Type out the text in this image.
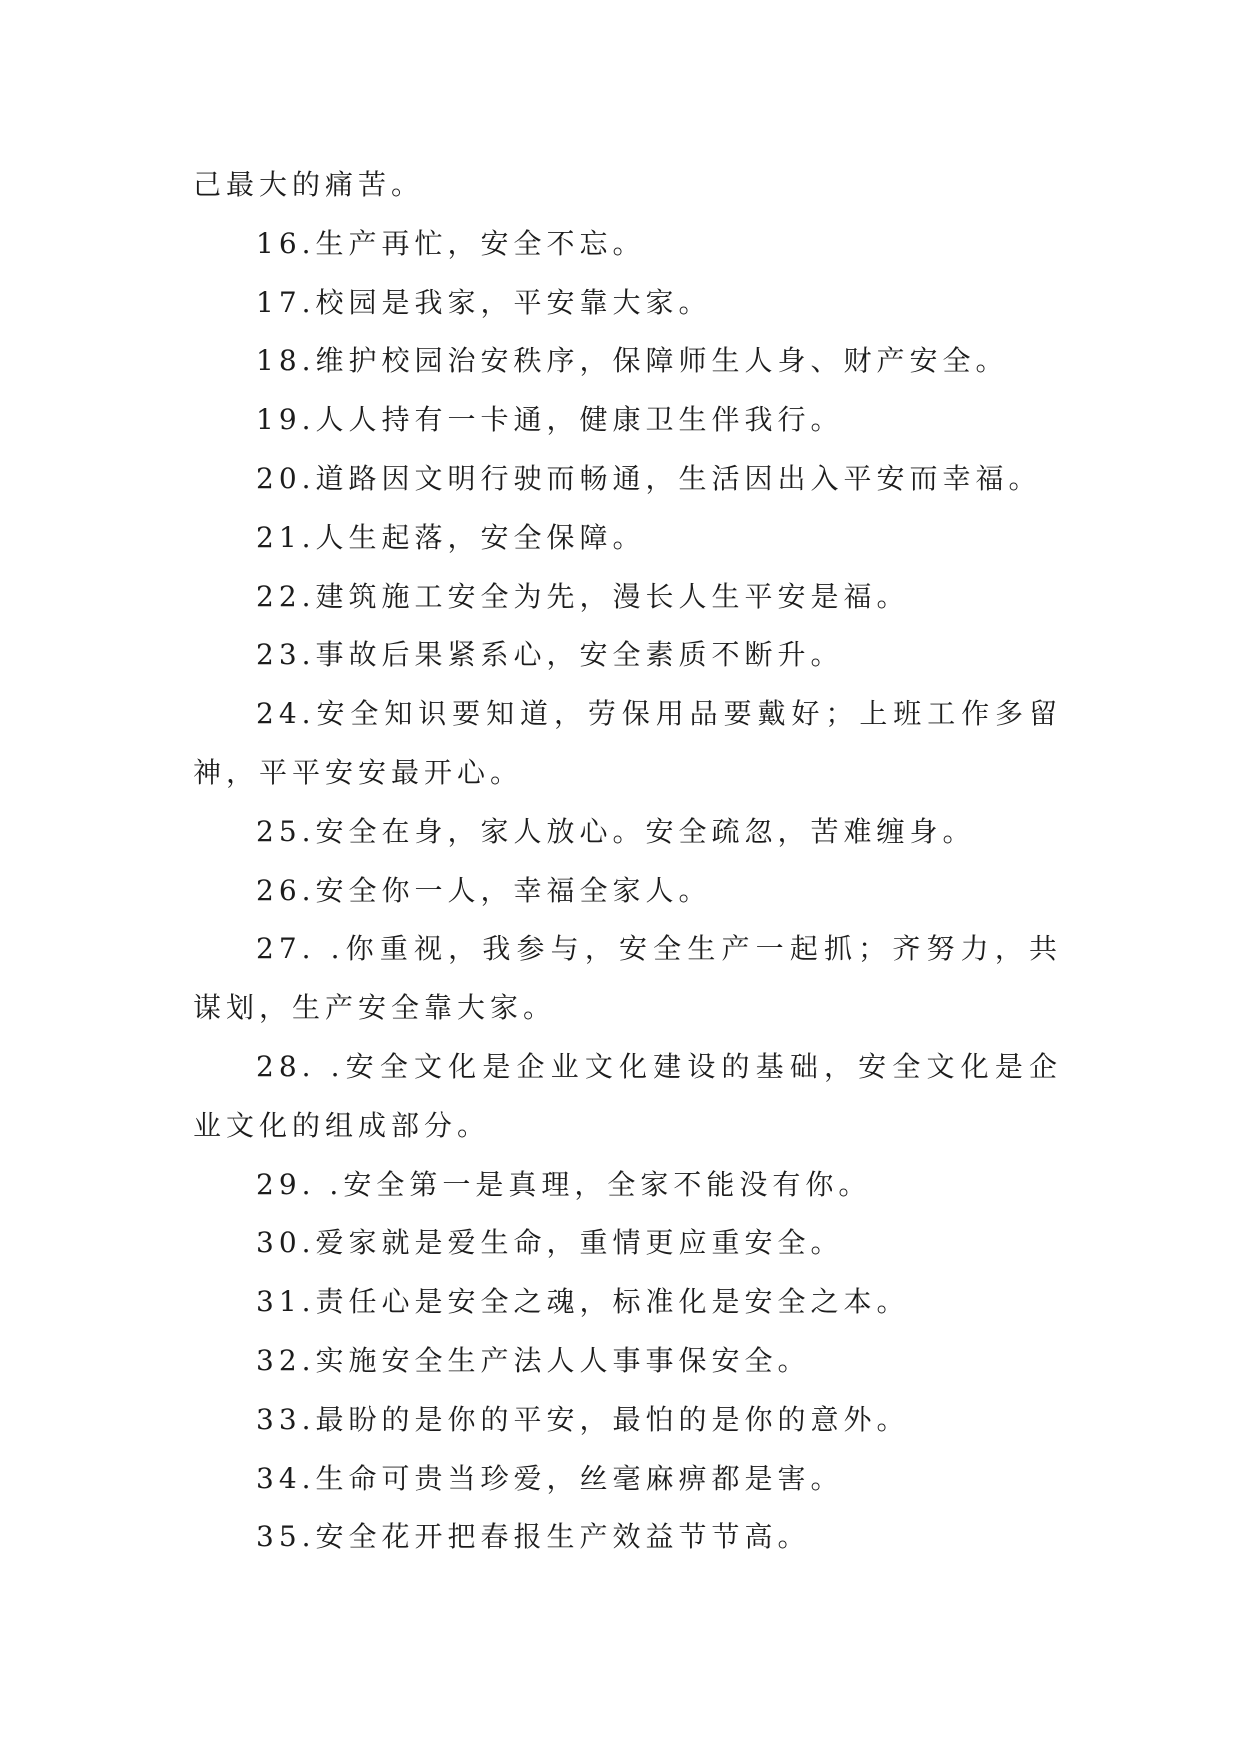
己最大的痛苦。
16.生产再忙，安全不忘。
17.校园是我家，平安靠大家。
18.维护校园治安秩序，保障师生人身、财产安全。
19.人人持有一卡通，健康卫生伴我行。
20.道路因文明行驶而畅通，生活因出入平安而幸福。
21.人生起落，安全保障。
22.建筑施工安全为先，漫长人生平安是福。
23.事故后果紧系心，安全素质不断升。
24.安全知识要知道，劳保用品要戴好；上班工作多留
神，平平安安最开心。
25.安全在身，家人放心。安全疏忽，苦难缠身。
26.安全你一人，幸福全家人。
27. .你重视，我参与，安全生产一起抓；齐努力，共
谋划，生产安全靠大家。
28. .安全文化是企业文化建设的基础，安全文化是企
业文化的组成部分。
29. .安全第一是真理，全家不能没有你。
30.爱家就是爱生命，重情更应重安全。
31.责任心是安全之魂，标准化是安全之本。
32.实施安全生产法人人事事保安全。
33.最盼的是你的平安，最怕的是你的意外。
34.生命可贵当珍爱，丝毫麻痹都是害。
35.安全花开把春报生产效益节节高。
